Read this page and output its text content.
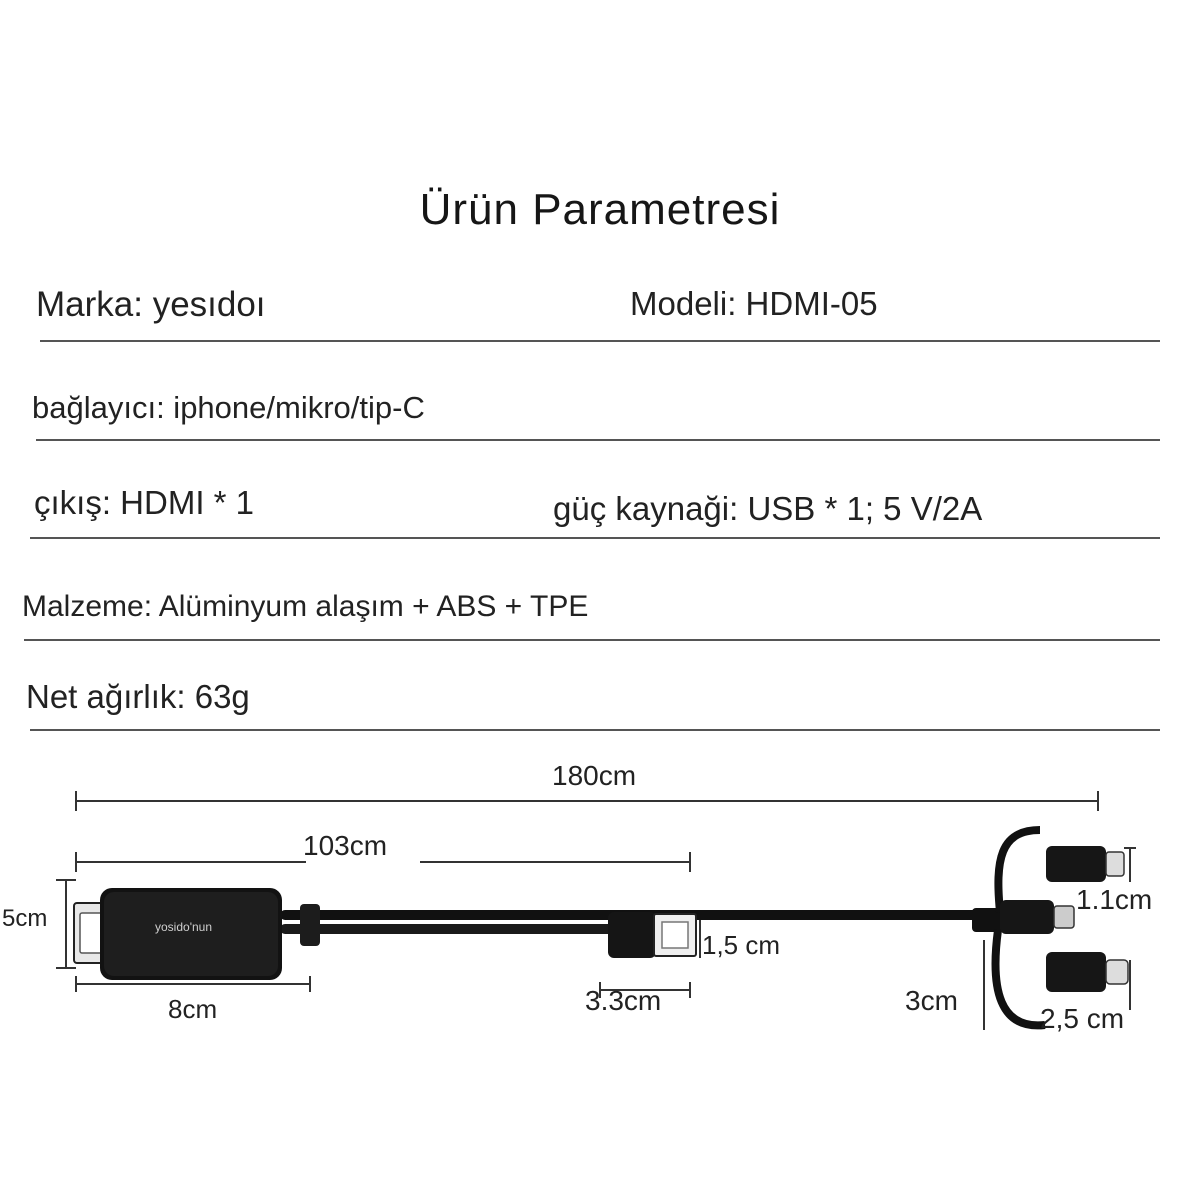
Ürün Parametresi
Marka: yesıdoı	Modeli: HDMI-05
bağlayıcı: iphone/mikro/tip-C
çıkış: HDMI * 1	güç kaynaği: USB * 1; 5 V/2A
Malzeme: Alüminyum alaşım + ABS + TPE
Net ağırlık: 63g
yosido'nun
180cm
103cm
5cm
8cm
1,5 cm
3.3cm
1.1cm
3cm
2,5 cm
